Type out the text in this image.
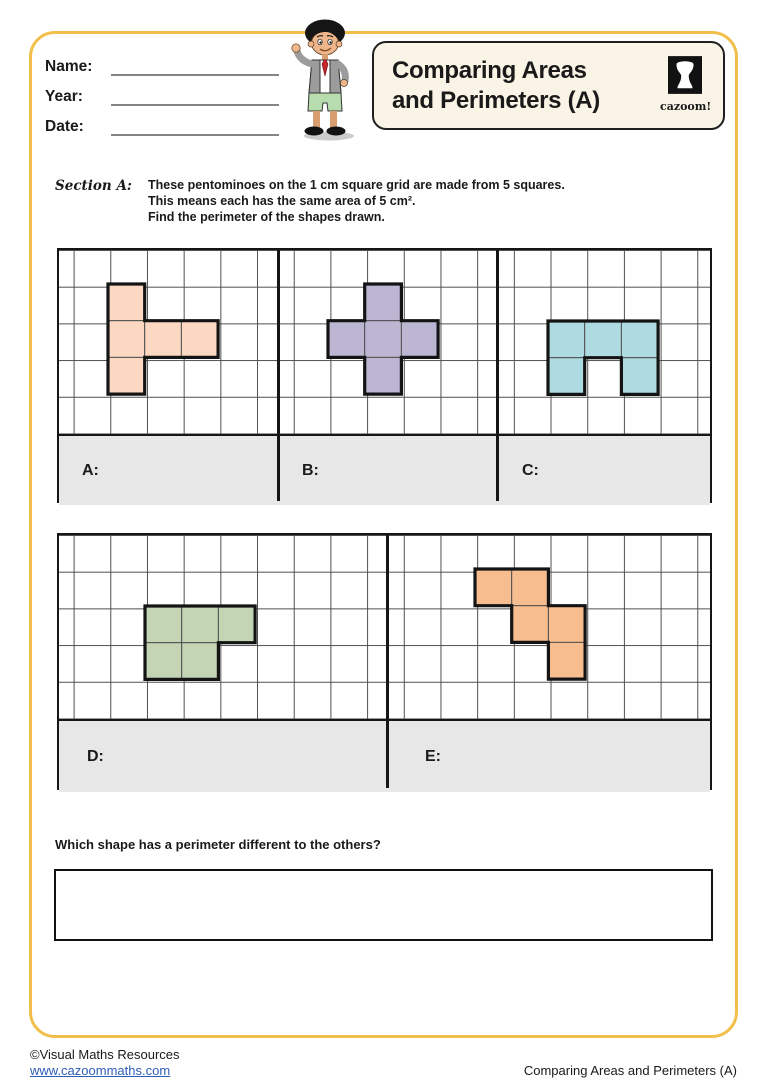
Name:
Year:
Date:
Comparing Areas
and Perimeters (A)	cazoom!
Section A:	These pentominoes on the 1 cm square grid are made from 5 squares.
This means each has the same area of 5 cm².
Find the perimeter of the shapes drawn.
A:	B:	C:
D:	E:
Which shape has a perimeter different to the others?
©Visual Maths Resources
www.cazoommaths.com	Comparing Areas and Perimeters (A)
